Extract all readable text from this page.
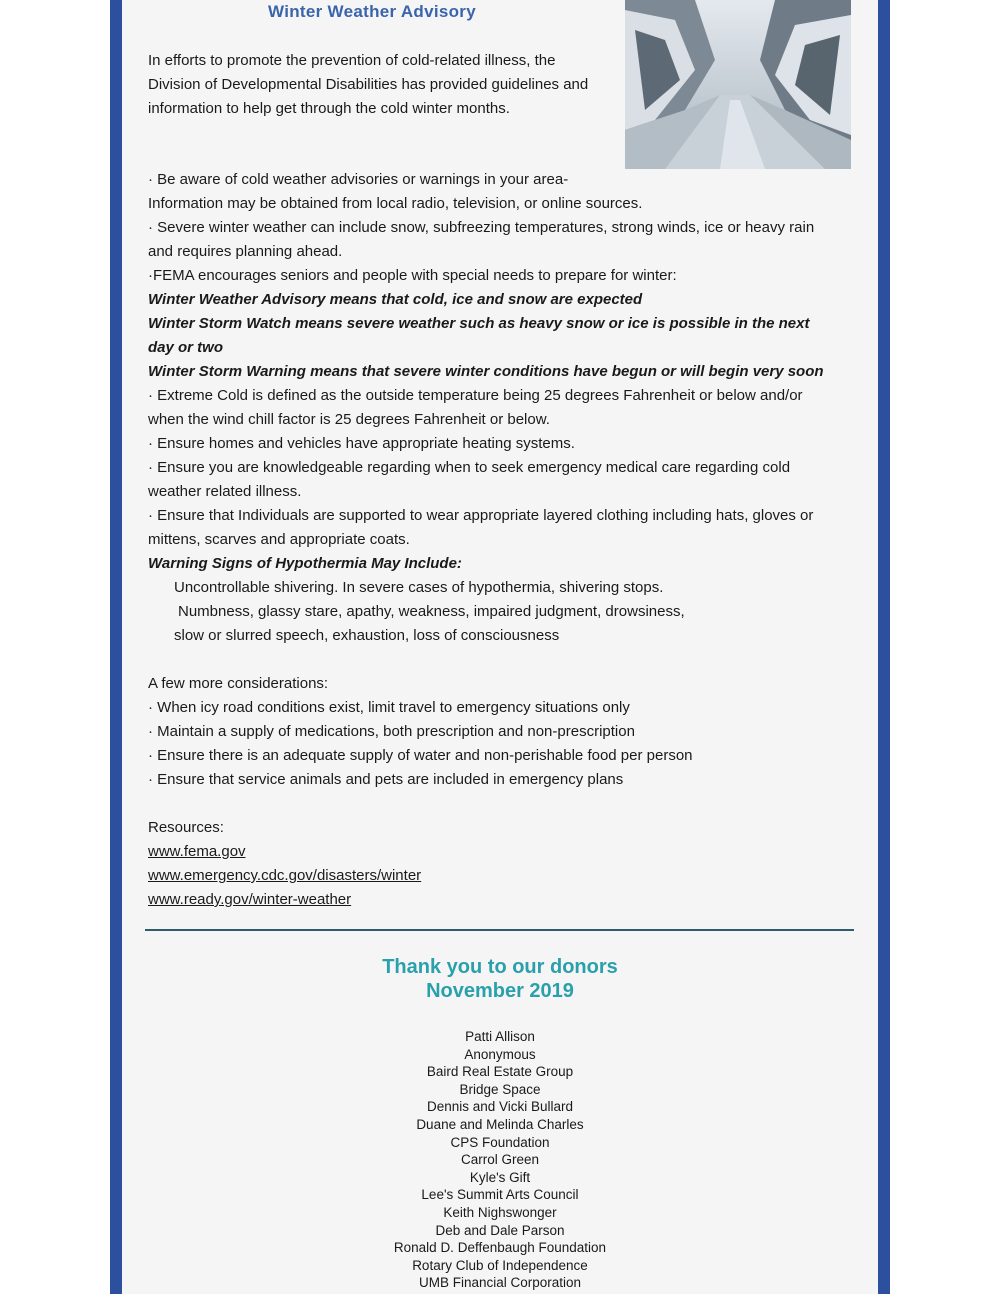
Winter Weather Advisory
In efforts to promote the prevention of cold-related illness, the Division of Developmental Disabilities has provided guidelines and information to help get through the cold winter months.

· Be aware of cold weather advisories or warnings in your area-

Information may be obtained from local radio, television, or online sources.

· Severe winter weather can include snow, subfreezing temperatures, strong winds, ice or heavy rain and requires planning ahead.

·FEMA encourages seniors and people with special needs to prepare for winter:

Winter Weather Advisory means that cold, ice and snow are expected

Winter Storm Watch means severe weather such as heavy snow or ice is possible in the next day or two

Winter Storm Warning means that severe winter conditions have begun or will begin very soon

· Extreme Cold is defined as the outside temperature being 25 degrees Fahrenheit or below and/or when the wind chill factor is 25 degrees Fahrenheit or below.

· Ensure homes and vehicles have appropriate heating systems.

· Ensure you are knowledgeable regarding when to seek emergency medical care regarding cold weather related illness.

· Ensure that Individuals are supported to wear appropriate layered clothing including hats, gloves or mittens, scarves and appropriate coats.

Warning Signs of Hypothermia May Include:

Uncontrollable shivering. In severe cases of hypothermia, shivering stops.

Numbness, glassy stare, apathy, weakness, impaired judgment, drowsiness,

slow or slurred speech, exhaustion, loss of consciousness

A few more considerations:

· When icy road conditions exist, limit travel to emergency situations only

· Maintain a supply of medications, both prescription and non-prescription

· Ensure there is an adequate supply of water and non-perishable food per person

· Ensure that service animals and pets are included in emergency plans

Resources:

www.fema.gov

www.emergency.cdc.gov/disasters/winter

www.ready.gov/winter-weather

Thank you to our donors
November 2019
Patti Allison
Anonymous
Baird Real Estate Group
Bridge Space
Dennis and Vicki Bullard
Duane and Melinda Charles
CPS Foundation
Carrol Green
Kyle's Gift
Lee's Summit Arts Council
Keith Nighswonger
Deb and Dale Parson
Ronald D. Deffenbaugh Foundation
Rotary Club of Independence
UMB Financial Corporation
